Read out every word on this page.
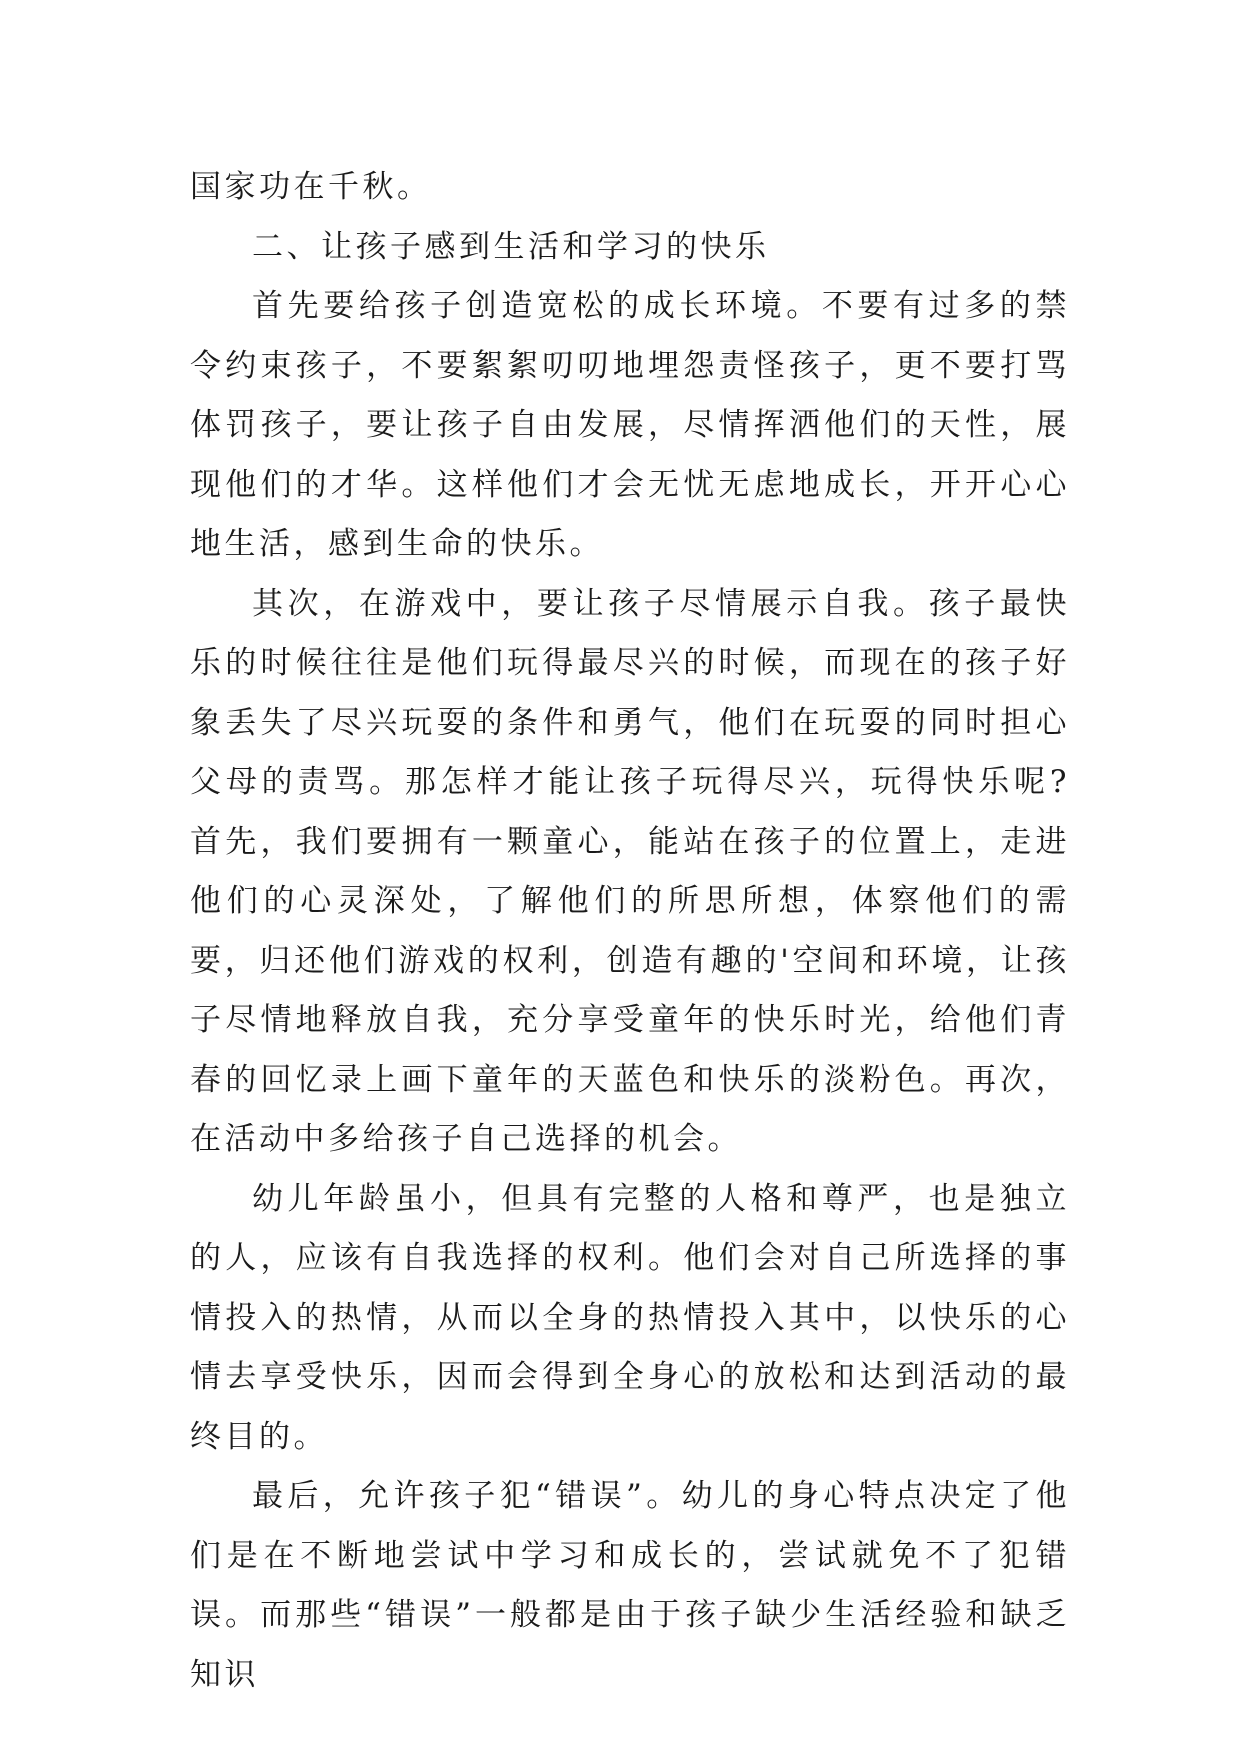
国家功在千秋。

二、让孩子感到生活和学习的快乐

首先要给孩子创造宽松的成长环境。不要有过多的禁令约束孩子，不要絮絮叨叨地埋怨责怪孩子，更不要打骂体罚孩子，要让孩子自由发展，尽情挥洒他们的天性，展现他们的才华。这样他们才会无忧无虑地成长，开开心心地生活，感到生命的快乐。

其次，在游戏中，要让孩子尽情展示自我。孩子最快乐的时候往往是他们玩得最尽兴的时候，而现在的孩子好象丢失了尽兴玩耍的条件和勇气，他们在玩耍的同时担心父母的责骂。那怎样才能让孩子玩得尽兴，玩得快乐呢?首先，我们要拥有一颗童心，能站在孩子的位置上，走进他们的心灵深处，了解他们的所思所想，体察他们的需要，归还他们游戏的权利，创造有趣的'空间和环境，让孩子尽情地释放自我，充分享受童年的快乐时光，给他们青春的回忆录上画下童年的天蓝色和快乐的淡粉色。再次，在活动中多给孩子自己选择的机会。

幼儿年龄虽小，但具有完整的人格和尊严，也是独立的人，应该有自我选择的权利。他们会对自己所选择的事情投入的热情，从而以全身的热情投入其中，以快乐的心情去享受快乐，因而会得到全身心的放松和达到活动的最终目的。

最后，允许孩子犯“错误”。幼儿的身心特点决定了他们是在不断地尝试中学习和成长的，尝试就免不了犯错误。而那些“错误”一般都是由于孩子缺少生活经验和缺乏知识
